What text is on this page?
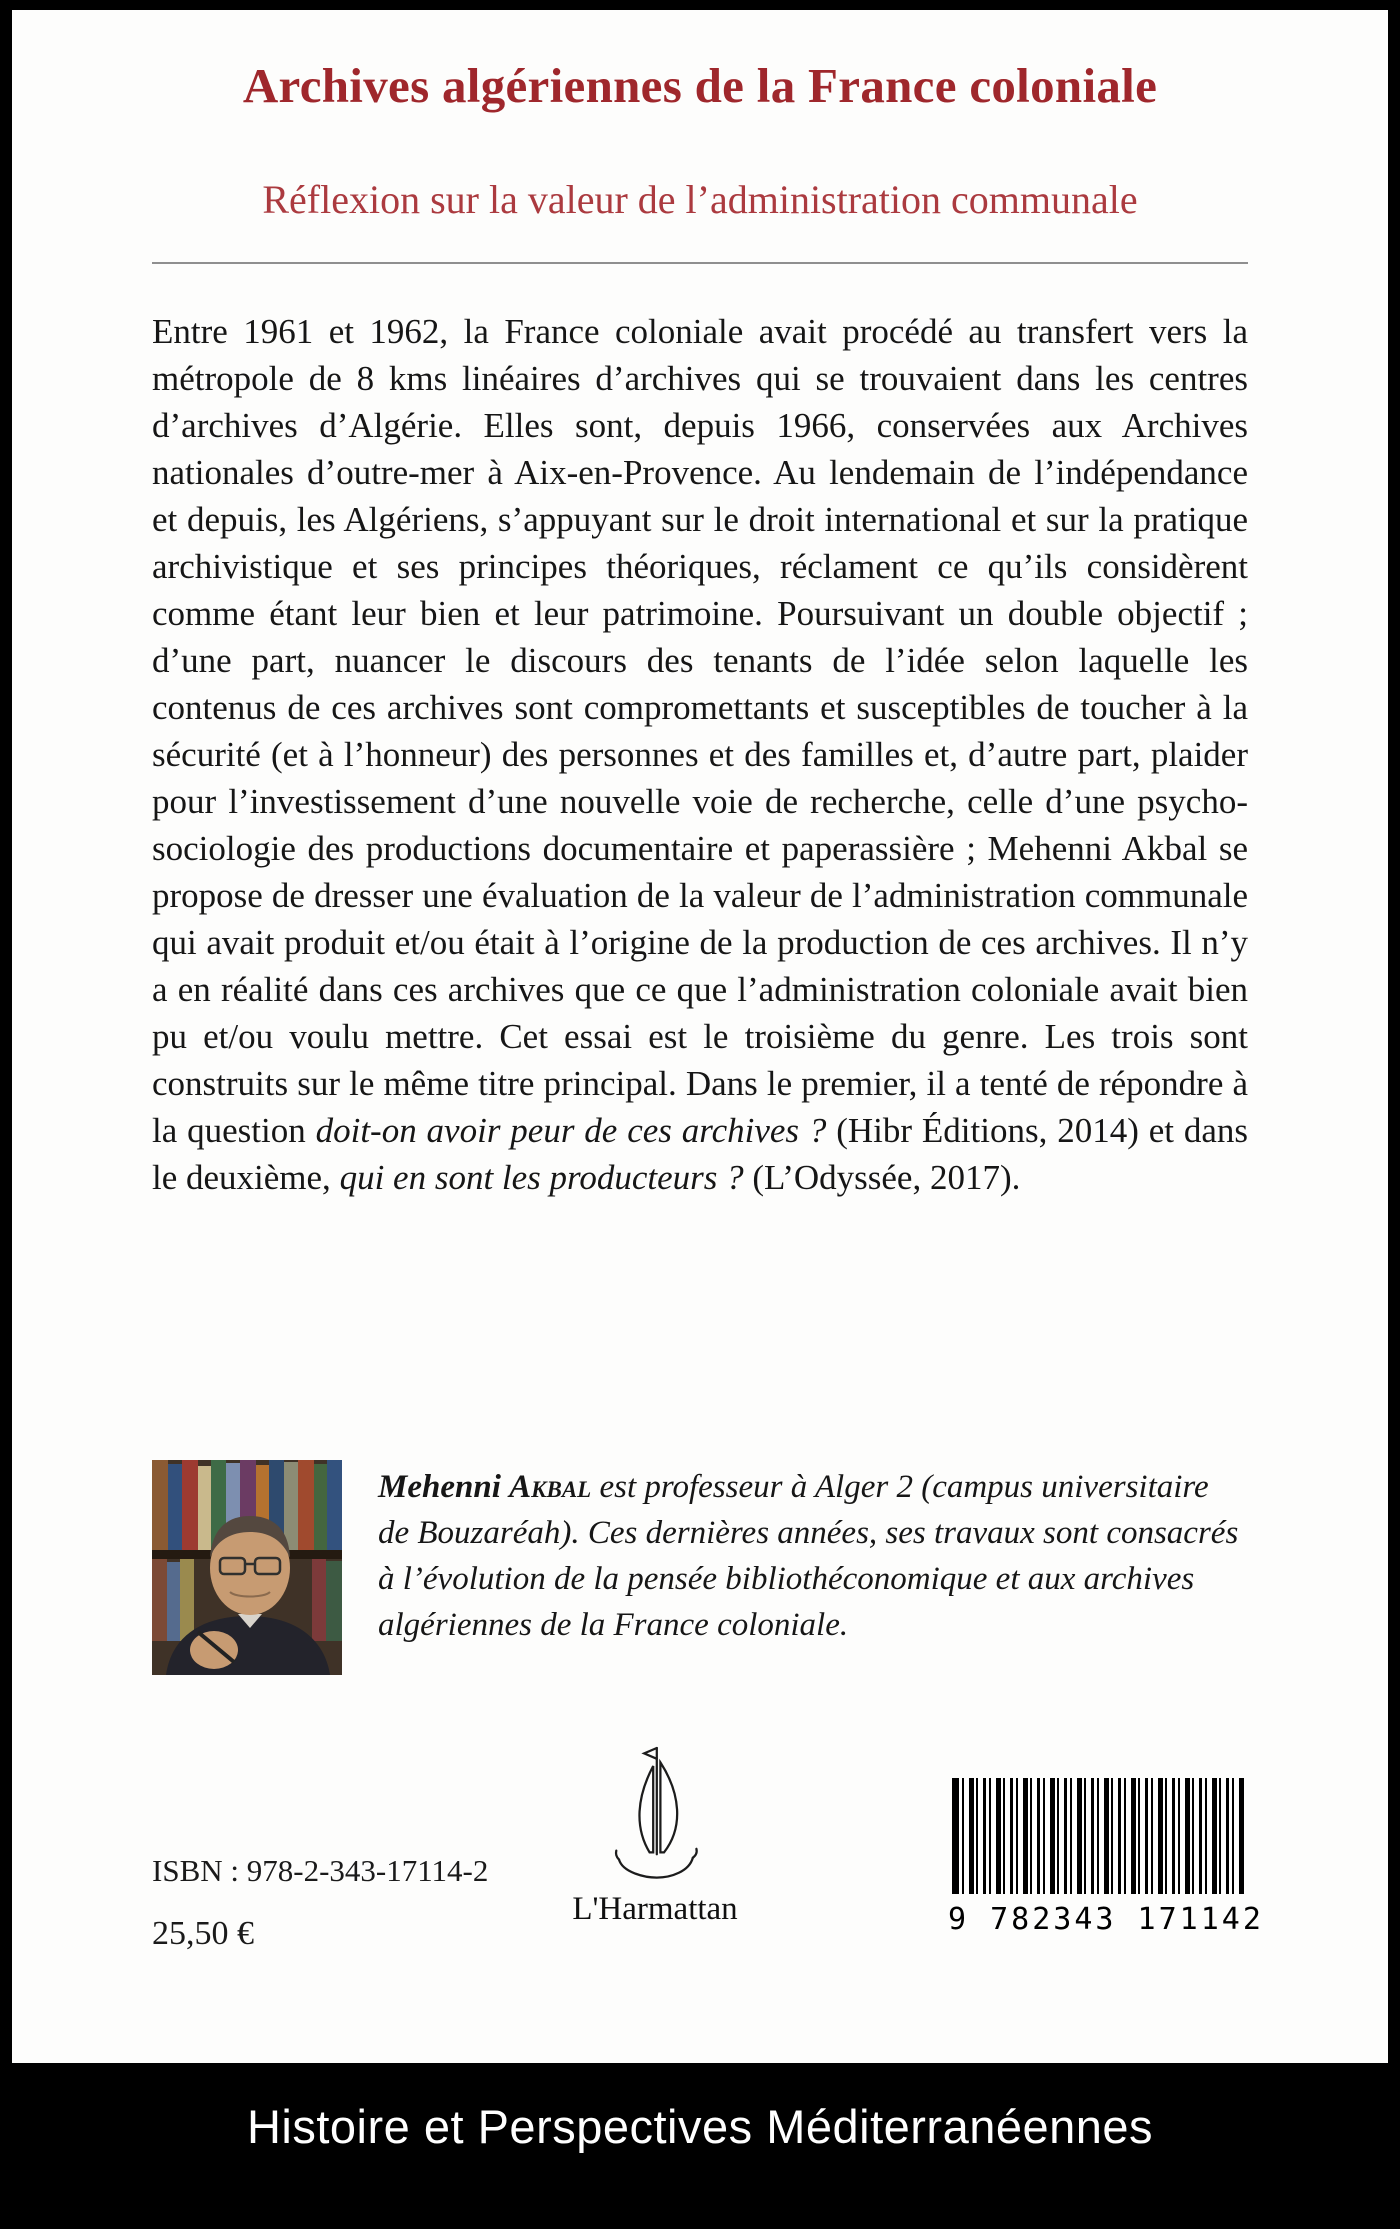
Archives algériennes de la France coloniale
Réflexion sur la valeur de l’administration communale

Entre 1961 et 1962, la France coloniale avait procédé au transfert vers la métropole de 8 kms linéaires d’archives qui se trouvaient dans les centres d’archives d’Algérie. Elles sont, depuis 1966, conservées aux Archives nationales d’outre-mer à Aix-en-Provence. Au lendemain de l’indépendance et depuis, les Algériens, s’appuyant sur le droit international et sur la pratique archivistique et ses principes théoriques, réclament ce qu’ils considèrent comme étant leur bien et leur patrimoine. Poursuivant un double objectif ; d’une part, nuancer le discours des tenants de l’idée selon laquelle les contenus de ces archives sont compromettants et susceptibles de toucher à la sécurité (et à l’honneur) des personnes et des familles et, d’autre part, plaider pour l’investissement d’une nouvelle voie de recherche, celle d’une psycho-sociologie des productions documentaire et paperassière ; Mehenni Akbal se propose de dresser une évaluation de la valeur de l’administration communale qui avait produit et/ou était à l’origine de la production de ces archives. Il n’y a en réalité dans ces archives que ce que l’administration coloniale avait bien pu et/ou voulu mettre. Cet essai est le troisième du genre. Les trois sont construits sur le même titre principal. Dans le premier, il a tenté de répondre à la question doit-on avoir peur de ces archives ? (Hibr Éditions, 2014) et dans le deuxième, qui en sont les producteurs ? (L’Odyssée, 2017).

Mehenni Akbal est professeur à Alger 2 (campus universitaire de Bouzaréah). Ces dernières années, ses travaux sont consacrés à l’évolution de la pensée bibliothéconomique et aux archives algériennes de la France coloniale.

ISBN : 978-2-343-17114-2
25,50 €
L'Harmattan	9 782343 171142
Histoire et Perspectives Méditerranéennes
